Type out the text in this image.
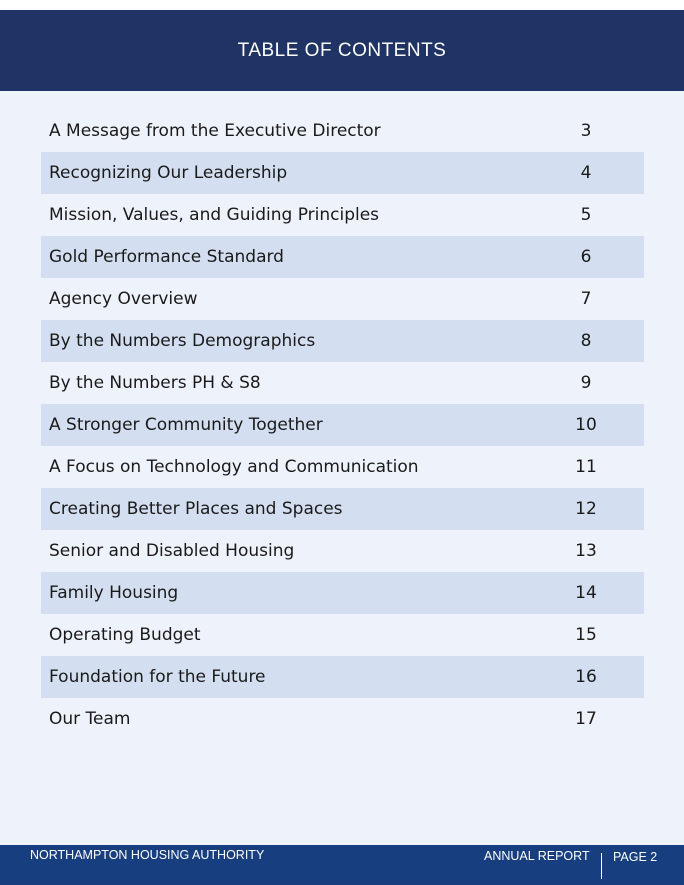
TABLE OF CONTENTS
A Message from the Executive Director	3
Recognizing Our Leadership	4
Mission, Values, and Guiding Principles	5
Gold Performance Standard	6
Agency Overview	7
By the Numbers Demographics	8
By the Numbers PH & S8	9
A Stronger Community Together	10
A Focus on Technology and Communication	11
Creating Better Places and Spaces	12
Senior and Disabled Housing	13
Family Housing	14
Operating Budget	15
Foundation for the Future	16
Our Team	17
NORTHAMPTON HOUSING AUTHORITY	ANNUAL REPORT PAGE 2
